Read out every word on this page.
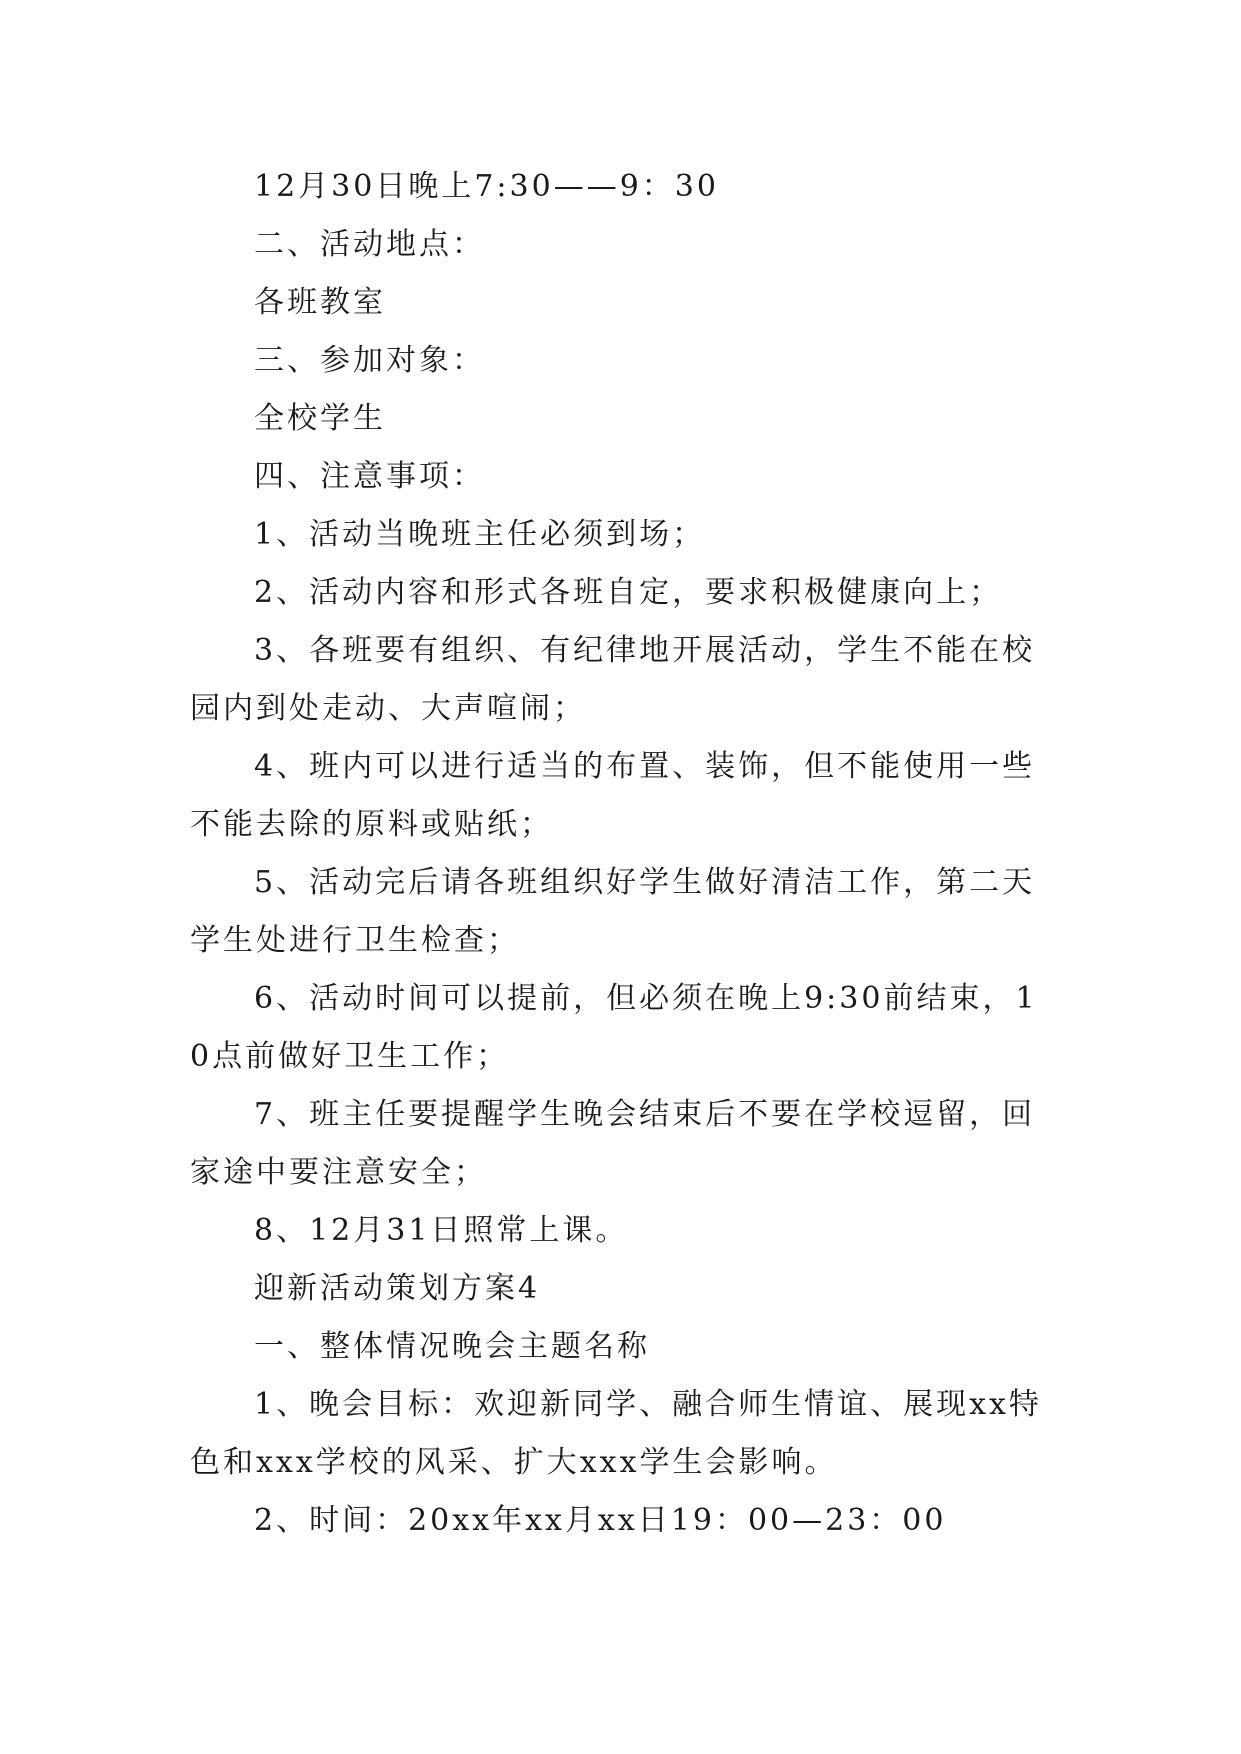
12月30日晚上7:30——9：30

二、活动地点：

各班教室

三、参加对象：

全校学生

四、注意事项：

1、活动当晚班主任必须到场；

2、活动内容和形式各班自定，要求积极健康向上；

3、各班要有组织、有纪律地开展活动，学生不能在校园内到处走动、大声喧闹；

4、班内可以进行适当的布置、装饰，但不能使用一些不能去除的原料或贴纸；

5、活动完后请各班组织好学生做好清洁工作，第二天学生处进行卫生检查；

6、活动时间可以提前，但必须在晚上9:30前结束，10点前做好卫生工作；

7、班主任要提醒学生晚会结束后不要在学校逗留，回家途中要注意安全；

8、12月31日照常上课。

迎新活动策划方案4

一、整体情况晚会主题名称

1、晚会目标：欢迎新同学、融合师生情谊、展现xx特色和xxx学校的风采、扩大xxx学生会影响。

2、时间：20xx年xx月xx日19：00—23：00
